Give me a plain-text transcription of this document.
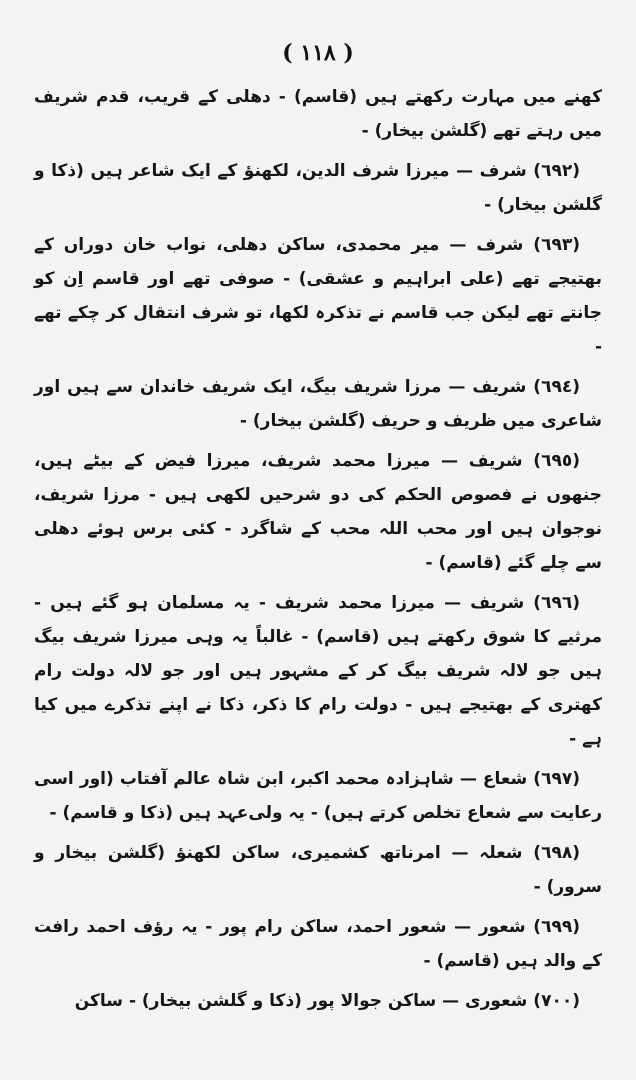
( ١١٨ )

کھنے میں مہارت رکھتے ہیں (قاسم) - دھلی کے قریب، قدم شریف میں رہتے تھے (گلشن بیخار) -

(٦٩٢) شرف — میرزا شرف الدین، لکھنؤ کے ایک شاعر ہیں (ذکا و گلشن بیخار) -

(٦٩٣) شرف — میر محمدی، ساکن دھلی، نواب خان دوراں کے بھتیجے تھے (علی ابراہیم و عشقی) - صوفی تھے اور قاسم اِن کو جانتے تھے لیکن جب قاسم نے تذکرہ لکھا، تو شرف انتقال کر چکے تھے -

(٦٩٤) شریف — مرزا شریف بیگ، ایک شریف خاندان سے ہیں اور شاعری میں ظریف و حریف (گلشن بیخار) -

(٦٩٥) شریف — میرزا محمد شریف، میرزا فیض کے بیٹے ہیں، جنھوں نے فصوص الحکم کی دو شرحیں لکھی ہیں - مرزا شریف، نوجوان ہیں اور محب اللہ محب کے شاگرد - کئی برس ہوئے دھلی سے چلے گئے (قاسم) -

(٦٩٦) شریف — میرزا محمد شریف - یہ مسلمان ہو گئے ہیں - مرثیے کا شوق رکھتے ہیں (قاسم) - غالباً یہ وہی میرزا شریف بیگ ہیں جو لالہ شریف بیگ کر کے مشہور ہیں اور جو لالہ دولت رام کھتری کے بھتیجے ہیں - دولت رام کا ذکر، ذکا نے اپنے تذکرے میں کیا ہے -

(٦٩٧) شعاع — شاہزادہ محمد اکبر، ابن شاہ عالم آفتاب (اور اسی رعایت سے شعاع تخلص کرتے ہیں) - یہ ولی‌عہد ہیں (ذکا و قاسم) -

(٦٩٨) شعلہ — امرناتھ کشمیری، ساکن لکھنؤ (گلشن بیخار و سرور) -

(٦٩٩) شعور — شعور احمد، ساکن رام پور - یہ رؤف احمد رافت کے والد ہیں (قاسم) -

(٧٠٠) شعوری — ساکن جوالا پور (ذکا و گلشن بیخار) - ساکن
